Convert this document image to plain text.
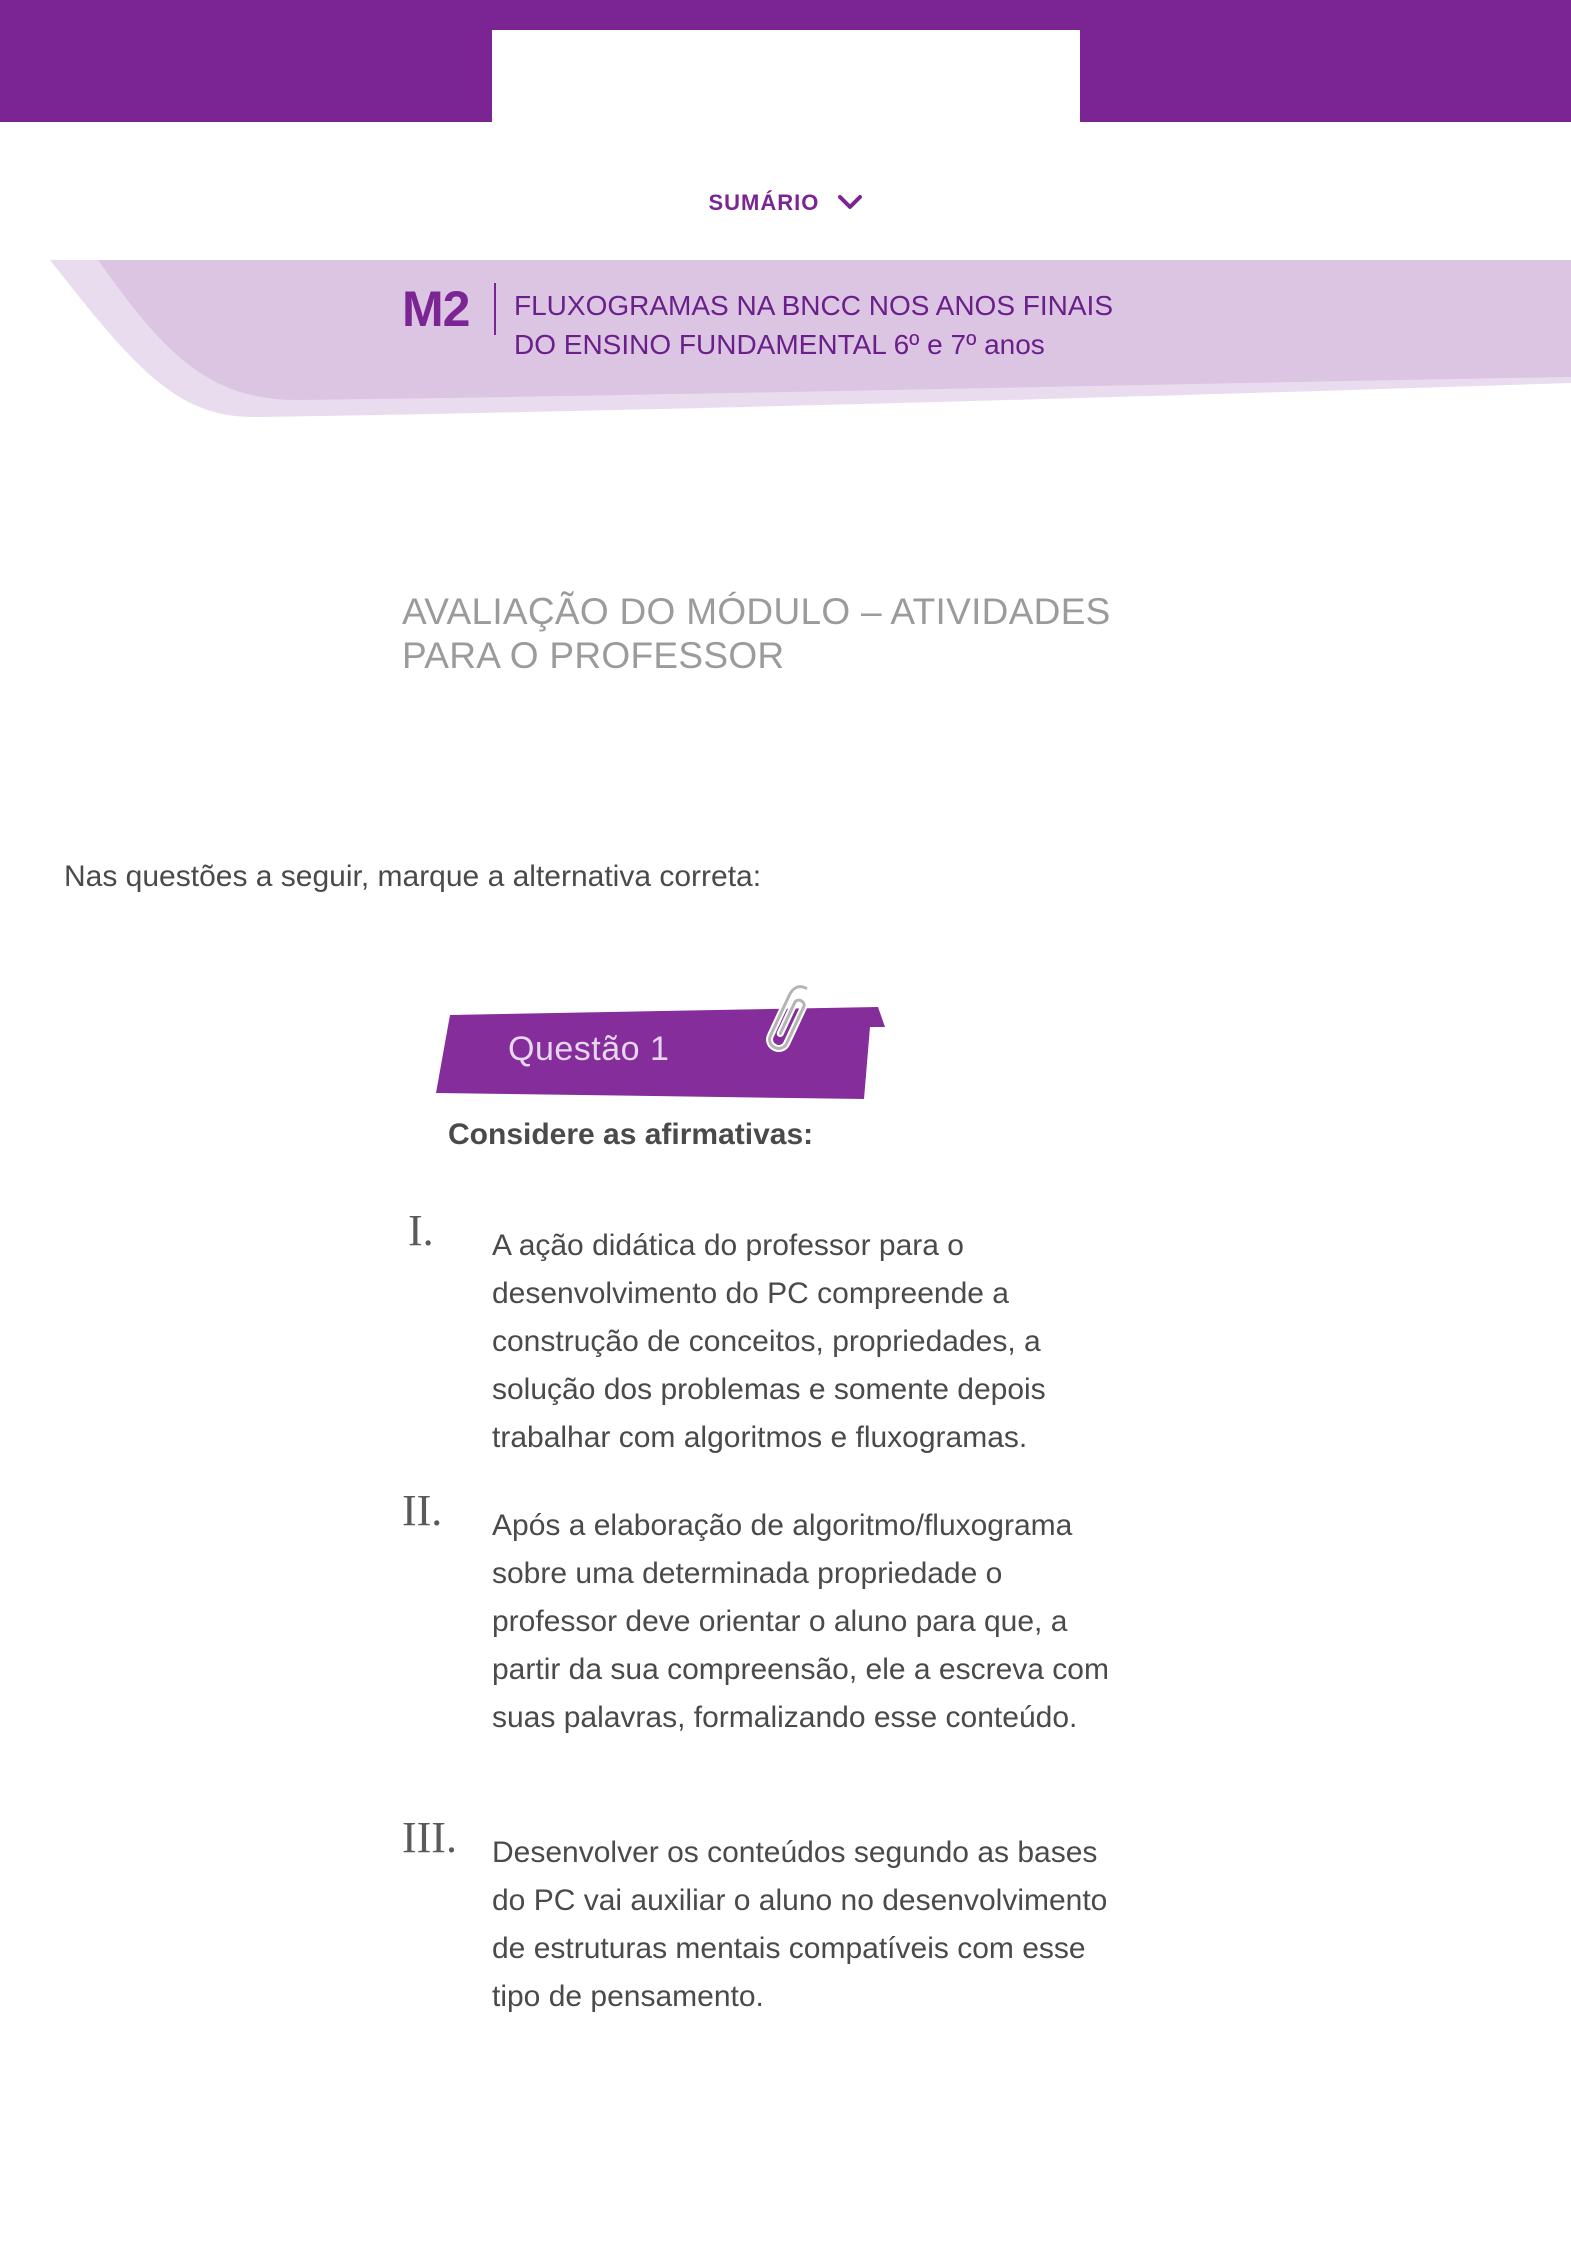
SUMÁRIO
M2 FLUXOGRAMAS NA BNCC NOS ANOS FINAIS
DO ENSINO FUNDAMENTAL 6º e 7º anos
AVALIAÇÃO DO MÓDULO – ATIVIDADES
PARA O PROFESSOR
Nas questões a seguir, marque a alternativa correta:
Questão 1
Considere as afirmativas:
I. A ação didática do professor para o desenvolvimento do PC compreende a construção de conceitos, propriedades, a solução dos problemas e somente depois trabalhar com algoritmos e fluxogramas.
II. Após a elaboração de algoritmo/fluxograma sobre uma determinada propriedade o professor deve orientar o aluno para que, a partir da sua compreensão, ele a escreva com suas palavras, formalizando esse conteúdo.
III. Desenvolver os conteúdos segundo as bases do PC vai auxiliar o aluno no desenvolvimento de estruturas mentais compatíveis com esse tipo de pensamento.
